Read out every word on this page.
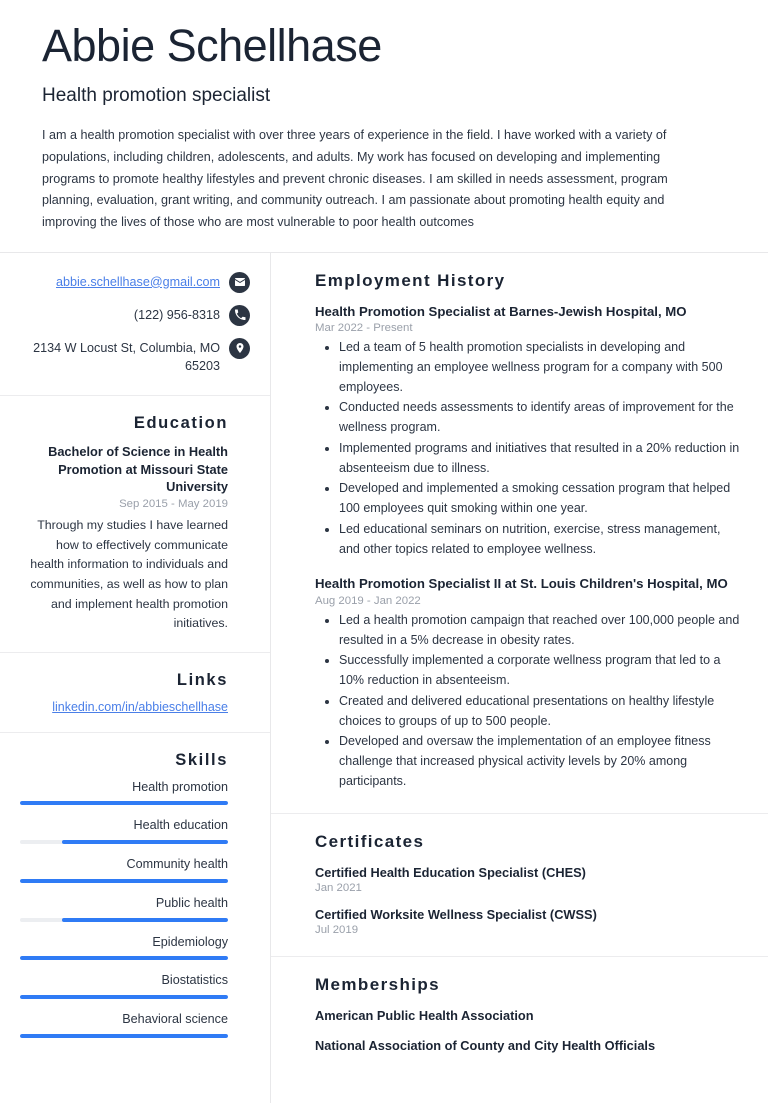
Abbie Schellhase
Health promotion specialist

I am a health promotion specialist with over three years of experience in the field. I have worked with a variety of populations, including children, adolescents, and adults. My work has focused on developing and implementing programs to promote healthy lifestyles and prevent chronic diseases. I am skilled in needs assessment, program planning, evaluation, grant writing, and community outreach. I am passionate about promoting health equity and improving the lives of those who are most vulnerable to poor health outcomes

abbie.schellhase@gmail.com
(122) 956-8318
2134 W Locust St, Columbia, MO 65203
Education
Bachelor of Science in Health Promotion at Missouri State University
Sep 2015 - May 2019

Through my studies I have learned how to effectively communicate health information to individuals and communities, as well as how to plan and implement health promotion initiatives.

Links
linkedin.com/in/abbieschellhase
Skills
Health promotion
Health education
Community health
Public health
Epidemiology
Biostatistics
Behavioral science
Employment History
Health Promotion Specialist at Barnes-Jewish Hospital, MO
Mar 2022 - Present
• Led a team of 5 health promotion specialists in developing and implementing an employee wellness program for a company with 500 employees.
• Conducted needs assessments to identify areas of improvement for the wellness program.
• Implemented programs and initiatives that resulted in a 20% reduction in absenteeism due to illness.
• Developed and implemented a smoking cessation program that helped 100 employees quit smoking within one year.
• Led educational seminars on nutrition, exercise, stress management, and other topics related to employee wellness.
Health Promotion Specialist II at St. Louis Children's Hospital, MO
Aug 2019 - Jan 2022
• Led a health promotion campaign that reached over 100,000 people and resulted in a 5% decrease in obesity rates.
• Successfully implemented a corporate wellness program that led to a 10% reduction in absenteeism.
• Created and delivered educational presentations on healthy lifestyle choices to groups of up to 500 people.
• Developed and oversaw the implementation of an employee fitness challenge that increased physical activity levels by 20% among participants.
Certificates

Certified Health Education Specialist (CHES)

Jan 2021

Certified Worksite Wellness Specialist (CWSS)

Jul 2019

Memberships
American Public Health Association
National Association of County and City Health Officials
